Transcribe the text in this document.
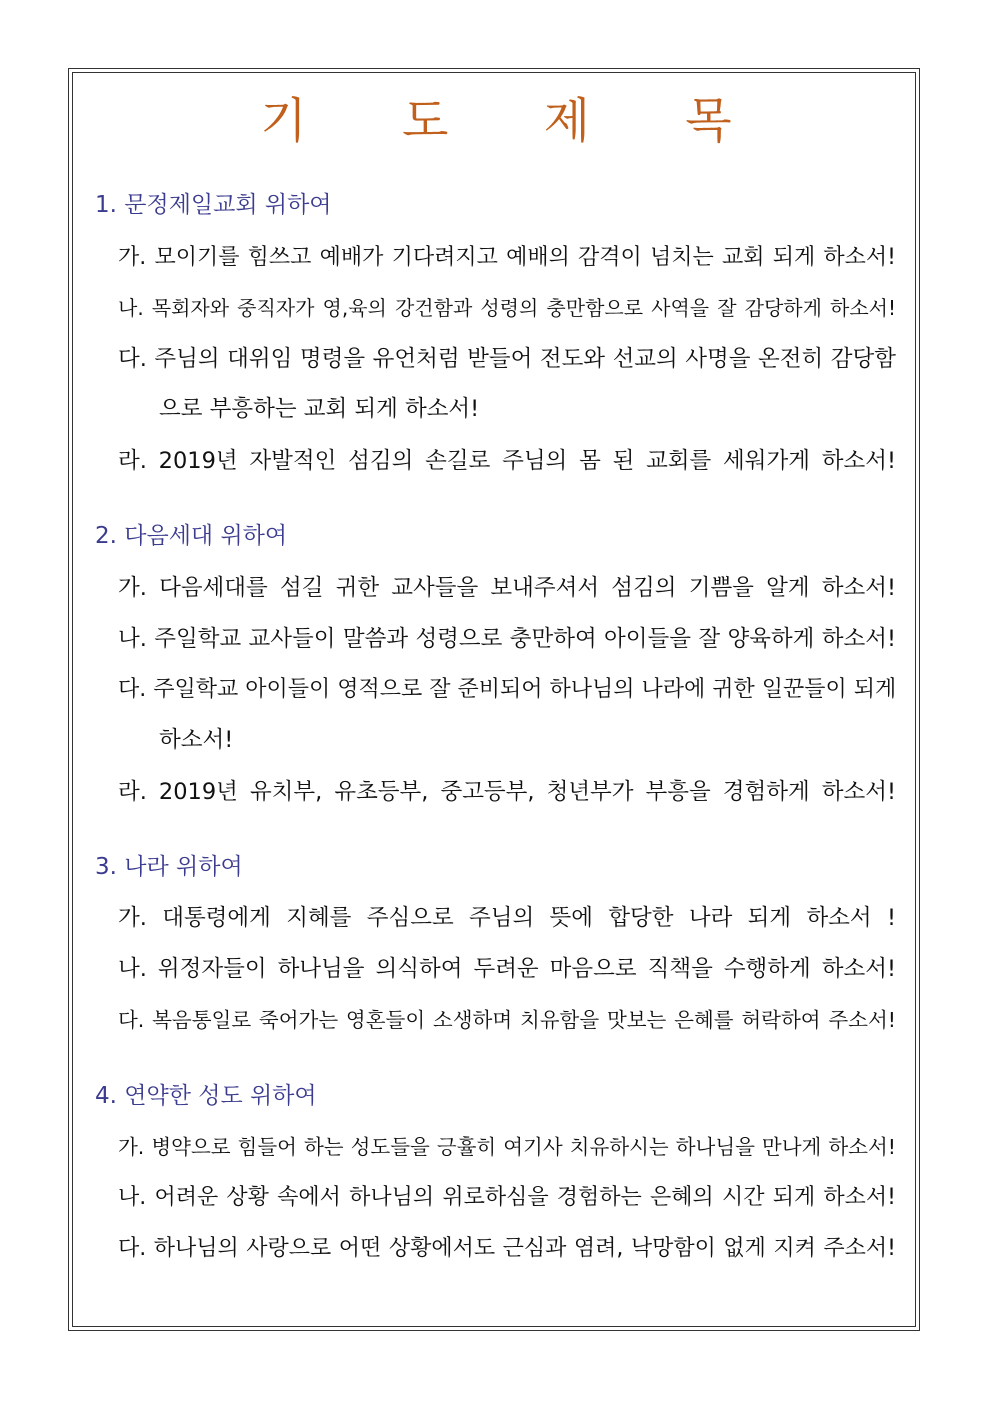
기 도 제 목
1. 문정제일교회 위하여

가. 모이기를 힘쓰고 예배가 기다려지고 예배의 감격이 넘치는 교회 되게 하소서!

나. 목회자와 중직자가 영,육의 강건함과 성령의 충만함으로 사역을 잘 감당하게 하소서!

다. 주님의 대위임 명령을 유언처럼 받들어 전도와 선교의 사명을 온전히 감당함

으로 부흥하는 교회 되게 하소서!

라. 2019년 자발적인 섬김의 손길로 주님의 몸 된 교회를 세워가게 하소서!

2. 다음세대 위하여

가. 다음세대를 섬길 귀한 교사들을 보내주셔서 섬김의 기쁨을 알게 하소서!

나. 주일학교 교사들이 말씀과 성령으로 충만하여 아이들을 잘 양육하게 하소서!

다. 주일학교 아이들이 영적으로 잘 준비되어 하나님의 나라에 귀한 일꾼들이 되게

하소서!

라. 2019년 유치부, 유초등부, 중고등부, 청년부가 부흥을 경험하게 하소서!

3. 나라 위하여

가. 대통령에게 지혜를 주심으로 주님의 뜻에 합당한 나라 되게 하소서 !

나. 위정자들이 하나님을 의식하여 두려운 마음으로 직책을 수행하게 하소서!

다. 복음통일로 죽어가는 영혼들이 소생하며 치유함을 맛보는 은혜를 허락하여 주소서!

4. 연약한 성도 위하여

가. 병약으로 힘들어 하는 성도들을 긍휼히 여기사 치유하시는 하나님을 만나게 하소서!

나. 어려운 상황 속에서 하나님의 위로하심을 경험하는 은혜의 시간 되게 하소서!

다. 하나님의 사랑으로 어떤 상황에서도 근심과 염려, 낙망함이 없게 지켜 주소서!
